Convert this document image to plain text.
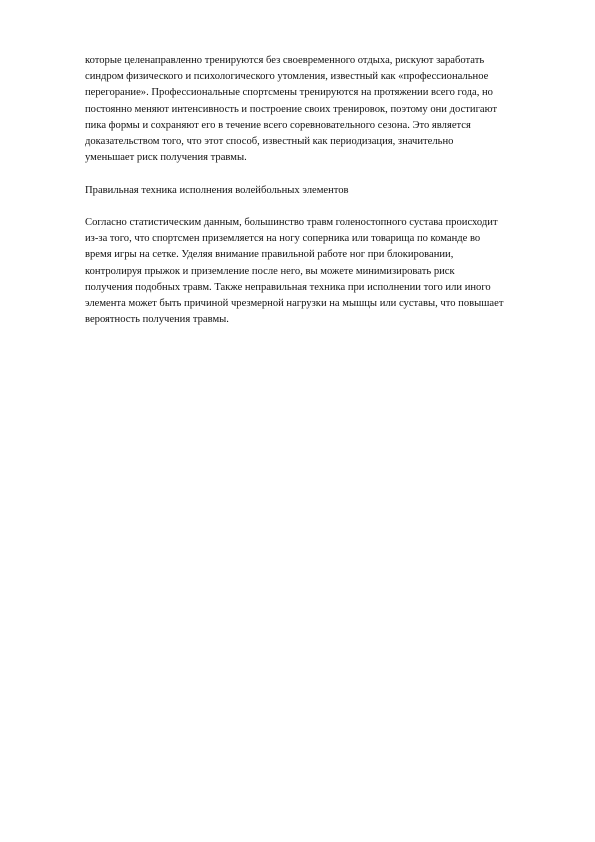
которые целенаправленно тренируются без своевременного отдыха, рискуют заработать
синдром физического и психологического утомления, известный как «профессиональное
перегорание». Профессиональные спортсмены тренируются на протяжении всего года, но
постоянно меняют интенсивность и построение своих тренировок, поэтому они достигают
пика формы и сохраняют его в течение всего соревновательного сезона. Это является
доказательством того, что этот способ, известный как периодизация, значительно
уменьшает риск получения травмы.
Правильная техника исполнения волейбольных элементов
Согласно статистическим данным, большинство травм голеностопного сустава происходит
из-за того, что спортсмен приземляется на ногу соперника или товарища по команде во
время игры на сетке. Уделяя внимание правильной работе ног при блокировании,
контролируя прыжок и приземление после него, вы можете минимизировать риск
получения подобных травм. Также неправильная техника при исполнении того или иного
элемента может быть причиной чрезмерной нагрузки на мышцы или суставы, что повышает
вероятность получения травмы.
